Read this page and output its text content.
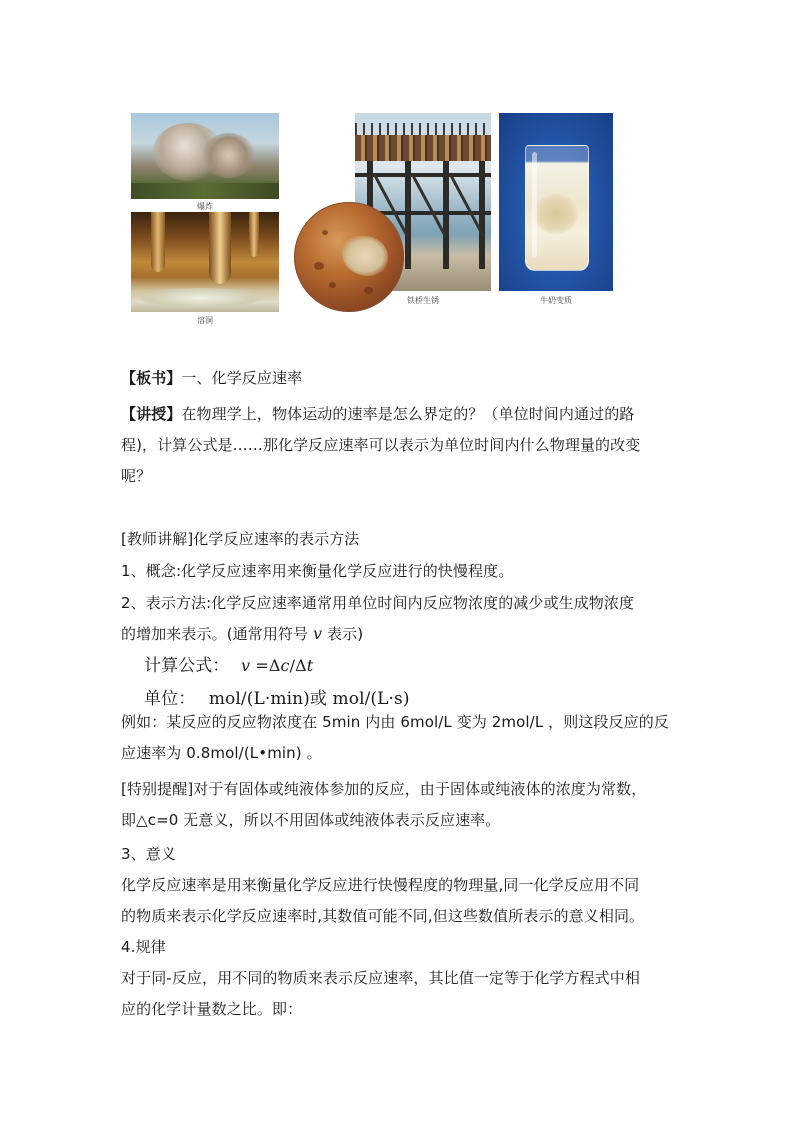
爆炸
溶洞
铁桥生锈	牛奶变质
【板书】一、化学反应速率
【讲授】在物理学上，物体运动的速率是怎么界定的？（单位时间内通过的路
程)，计算公式是……那化学反应速率可以表示为单位时间内什么物理量的改变
呢？
[教师讲解]化学反应速率的表示方法
1、概念:化学反应速率用来衡量化学反应进行的快慢程度。
2、表示方法:化学反应速率通常用单位时间内反应物浓度的减少或生成物浓度
的增加来表示。(通常用符号 v 表示)
计算公式： v =Δc/Δt
单位： mol/(L·min)或 mol/(L·s)
例如：某反应的反应物浓度在 5min 内由 6mol/L 变为 2mol/L ，则这段反应的反
应速率为 0.8mol/(L•min) 。
[特别提醒]对于有固体或纯液体参加的反应，由于固体或纯液体的浓度为常数，
即△c=0 无意义，所以不用固体或纯液体表示反应速率。
3、意义
化学反应速率是用来衡量化学反应进行快慢程度的物理量,同一化学反应用不同
的物质来表示化学反应速率时,其数值可能不同,但这些数值所表示的意义相同。
4.规律
对于同-反应，用不同的物质来表示反应速率，其比值一定等于化学方程式中相
应的化学计量数之比。即：
